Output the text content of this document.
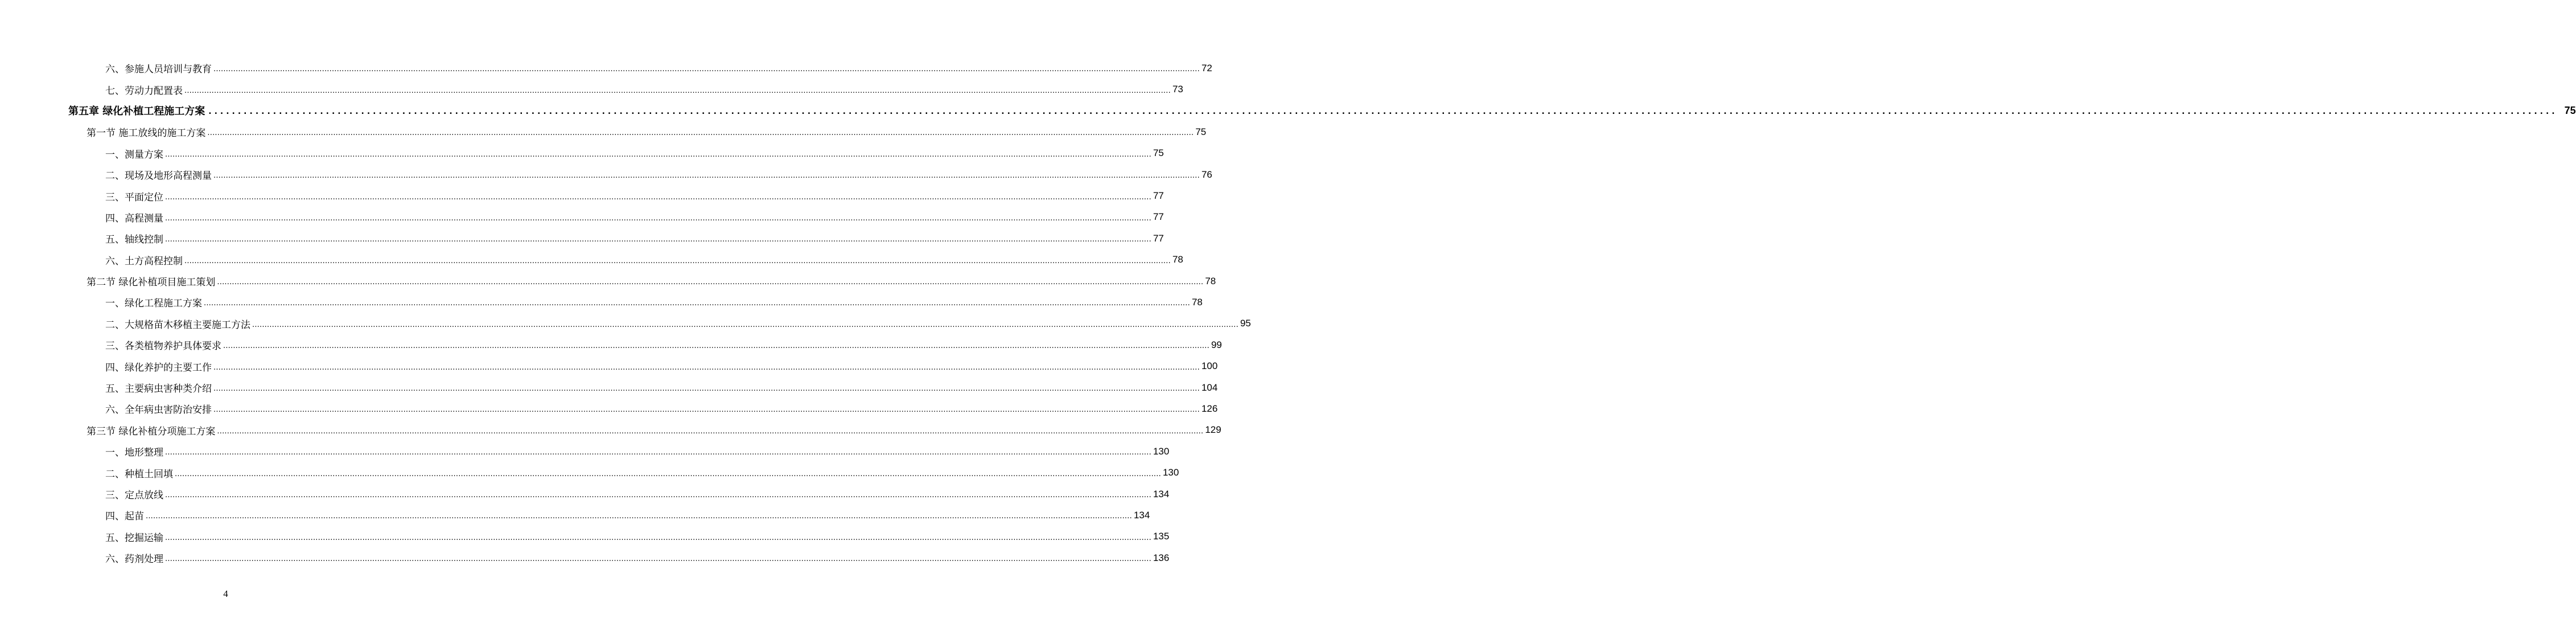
六、参施人员培训与教育 ................................................................................................................................................................................................................................................................................................................................................................................................................ 72
七、劳动力配置表 ................................................................................................................................................................................................................................................................................................................................................................................................................ 73
第五章 绿化补植工程施工方案 ................................................................................................................................................................................................................................................................................................................................................................................................................ 75
第一节 施工放线的施工方案 ................................................................................................................................................................................................................................................................................................................................................................................................................ 75
一、测量方案 ................................................................................................................................................................................................................................................................................................................................................................................................................ 75
二、现场及地形高程测量 ................................................................................................................................................................................................................................................................................................................................................................................................................ 76
三、平面定位 ................................................................................................................................................................................................................................................................................................................................................................................................................ 77
四、高程测量 ................................................................................................................................................................................................................................................................................................................................................................................................................ 77
五、轴线控制 ................................................................................................................................................................................................................................................................................................................................................................................................................ 77
六、土方高程控制 ................................................................................................................................................................................................................................................................................................................................................................................................................ 78
第二节 绿化补植项目施工策划 ................................................................................................................................................................................................................................................................................................................................................................................................................ 78
一、绿化工程施工方案 ................................................................................................................................................................................................................................................................................................................................................................................................................ 78
二、大规格苗木移植主要施工方法 ................................................................................................................................................................................................................................................................................................................................................................................................................ 95
三、各类植物养护具体要求 ................................................................................................................................................................................................................................................................................................................................................................................................................ 99
四、绿化养护的主要工作 ................................................................................................................................................................................................................................................................................................................................................................................................................ 100
五、主要病虫害种类介绍 ................................................................................................................................................................................................................................................................................................................................................................................................................ 104
六、全年病虫害防治安排 ................................................................................................................................................................................................................................................................................................................................................................................................................ 126
第三节 绿化补植分项施工方案 ................................................................................................................................................................................................................................................................................................................................................................................................................ 129
一、地形整理 ................................................................................................................................................................................................................................................................................................................................................................................................................ 130
二、种植土回填 ................................................................................................................................................................................................................................................................................................................................................................................................................ 130
三、定点放线 ................................................................................................................................................................................................................................................................................................................................................................................................................ 134
四、起苗 ................................................................................................................................................................................................................................................................................................................................................................................................................ 134
五、挖掘运输 ................................................................................................................................................................................................................................................................................................................................................................................................................ 135
六、药剂处理 ................................................................................................................................................................................................................................................................................................................................................................................................................ 136
4
